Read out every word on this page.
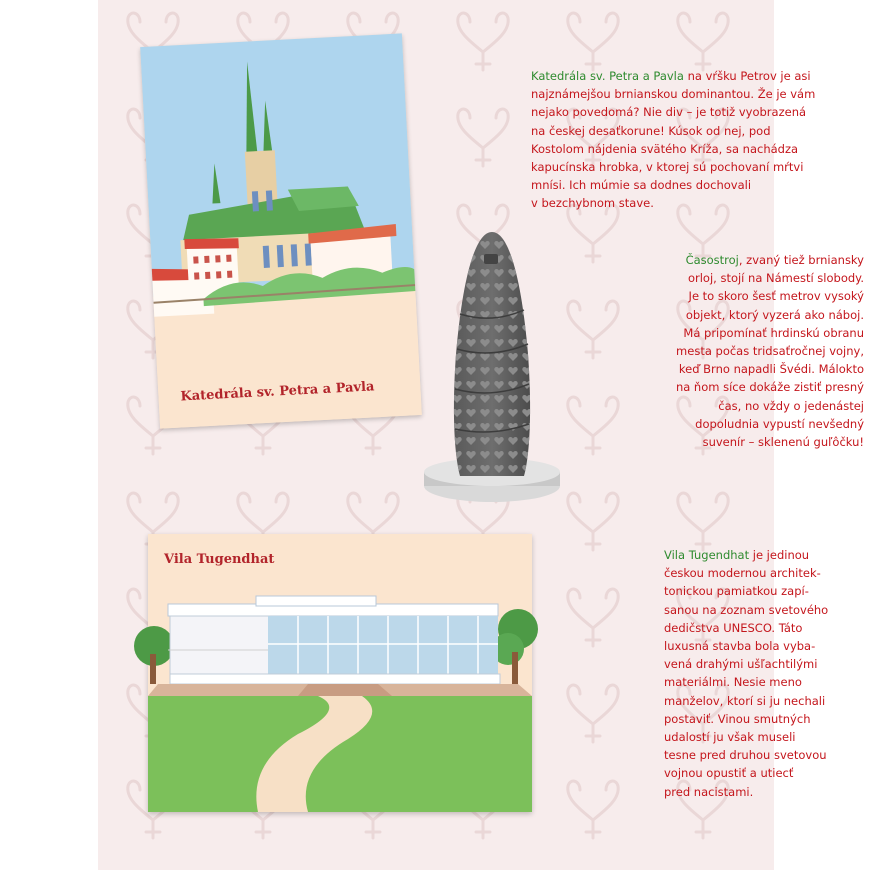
Katedrála sv. Petra a Pavla na vŕšku Petrov je asi
najznámejšou brnianskou dominantou. Že je vám
nejako povedomá? Nie div – je totiž vyobrazená
na českej desaťkorune! Kúsok od nej, pod
Kostolom nájdenia svätého Kríža, sa nachádza
kapucínska hrobka, v ktorej sú pochovaní mŕtvi
mnísi. Ich múmie sa dodnes dochovali
v bezchybnom stave.

Časostroj, zvaný tiež brniansky
orloj, stojí na Námestí slobody.
Je to skoro šesť metrov vysoký
objekt, ktorý vyzerá ako náboj.
Má pripomínať hrdinskú obranu
mesta počas tridsaťročnej vojny,
keď Brno napadli Švédi. Málokto
na ňom síce dokáže zistiť presný
čas, no vždy o jedenástej
dopoludnia vypustí nevšedný
suvenír – sklenenú guľôčku!

Vila Tugendhat je jedinou
českou modernou architek-
tonickou pamiatkou zapí-
sanou na zoznam svetového
dedičstva UNESCO. Táto
luxusná stavba bola vyba-
vená drahými ušľachtilými
materiálmi. Nesie meno
manželov, ktorí si ju nechali
postaviť. Vinou smutných
udalostí ju však museli
tesne pred druhou svetovou
vojnou opustiť a utiecť
pred nacistami.

Katedrála sv. Petra a Pavla
Vila Tugendhat
